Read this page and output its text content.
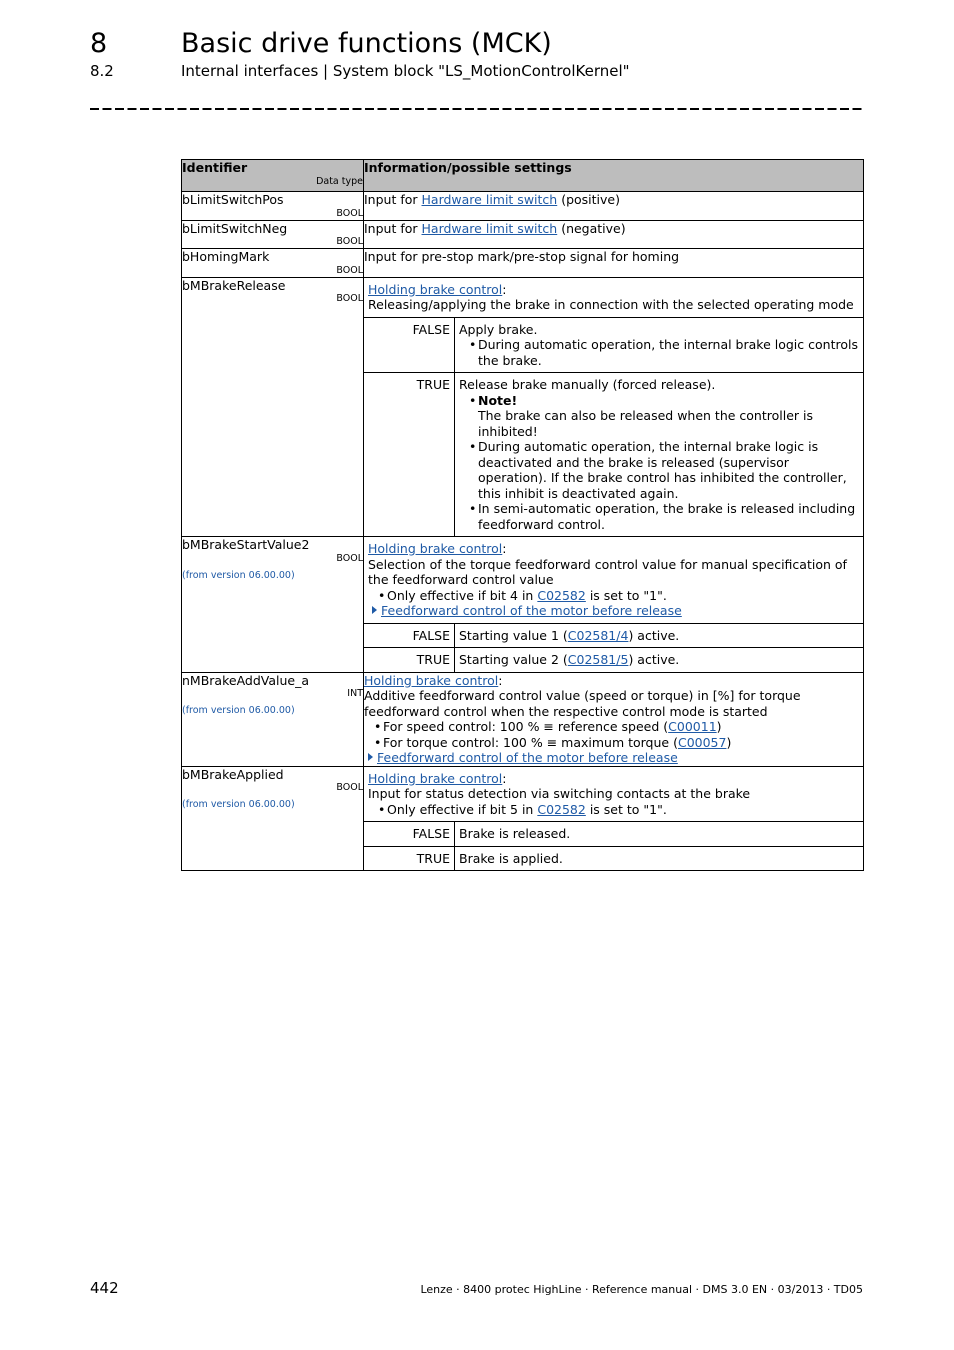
8	Basic drive functions (MCK)
8.2	Internal interfaces | System block "LS_MotionControlKernel"
Identifier
Data type
	Information/possible settings

bLimitSwitchPos
BOOL
	Input for Hardware limit switch (positive)

bLimitSwitchNeg
BOOL
	Input for Hardware limit switch (negative)

bHomingMark
BOOL
	Input for pre-stop mark/pre-stop signal for homing

bMBrakeRelease
BOOL

Holding brake control:
Releasing/applying the brake in connection with the selected operating mode
FALSE	Apply brake.
• During automatic operation, the internal brake logic controls the brake.

TRUE	Release brake manually (forced release).
• Note!
The brake can also be released when the controller is inhibited!
• During automatic operation, the internal brake logic is deactivated and the brake is released (supervisor operation). If the brake control has inhibited the controller, this inhibit is deactivated again.
• In semi-automatic operation, the brake is released including feedforward control.

bMBrakeStartValue2
BOOL
(from version 06.00.00)

Holding brake control:
Selection of the torque feedforward control value for manual specification of the feedforward control value
• Only effective if bit 4 in C02582 is set to "1".
Feedforward control of the motor before release
FALSE	Starting value 1 (C02581/4) active.
TRUE	Starting value 2 (C02581/5) active.

nMBrakeAddValue_a
INT
(from version 06.00.00)
	Holding brake control:
Additive feedforward control value (speed or torque) in [%] for torque feedforward control when the respective control mode is started
• For speed control: 100 % ≡ reference speed (C00011)
• For torque control: 100 % ≡ maximum torque (C00057)
Feedforward control of the motor before release

bMBrakeApplied
BOOL
(from version 06.00.00)

Holding brake control:
Input for status detection via switching contacts at the brake
• Only effective if bit 5 in C02582 is set to "1".
FALSE	Brake is released.
TRUE	Brake is applied.
442	Lenze · 8400 protec HighLine · Reference manual · DMS 3.0 EN · 03/2013 · TD05
